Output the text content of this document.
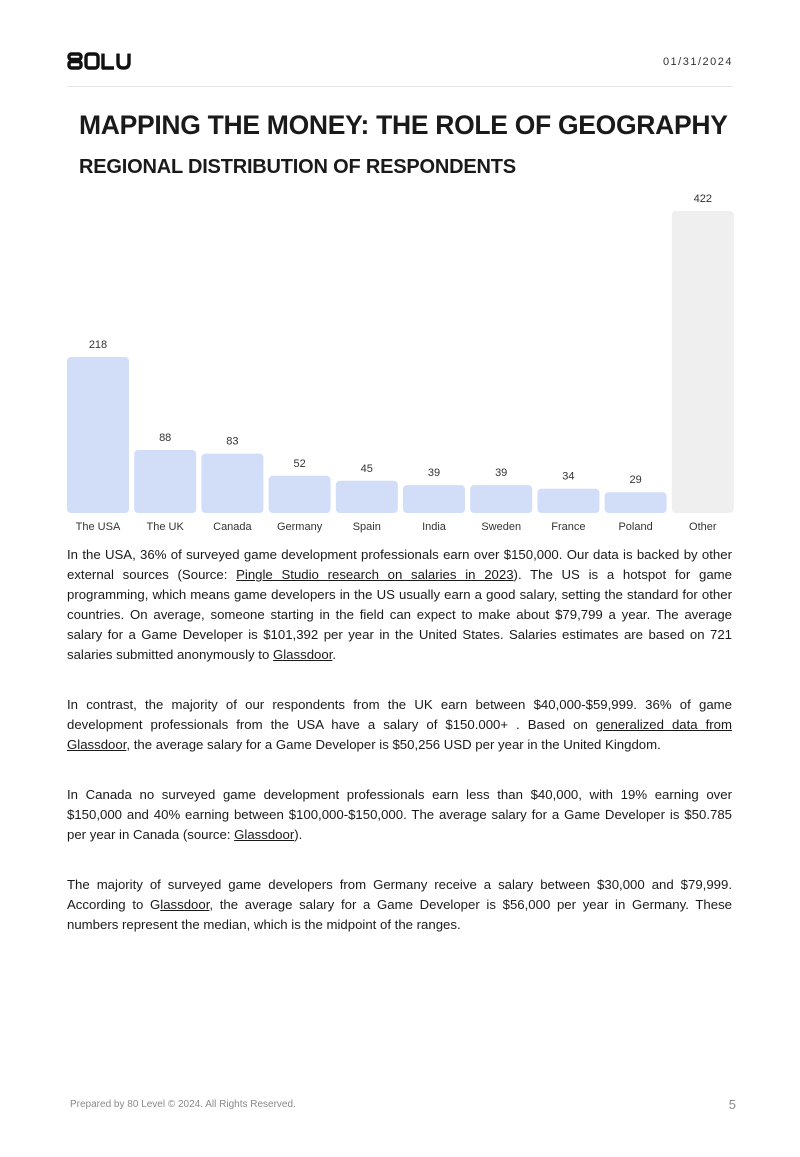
01/31/2024
MAPPING THE MONEY: THE ROLE OF GEOGRAPHY
REGIONAL DISTRIBUTION OF RESPONDENTS
218
The USA
88
The UK
83
Canada
52
Germany
45
Spain
39
India
39
Sweden
34
France
29
Poland
422
Other

In the USA, 36% of surveyed game development professionals earn over $150,000. Our data is backed by other external sources (Source: Pingle Studio research on salaries in 2023). The US is a hotspot for game programming, which means game developers in the US usually earn a good salary, setting the standard for other countries. On average, someone starting in the field can expect to make about $79,799 a year. The average salary for a Game Developer is $101,392 per year in the United States. Salaries estimates are based on 721 salaries submitted anonymously to Glassdoor.

In contrast, the majority of our respondents from the UK earn between $40,000-$59,999. 36% of game development professionals from the USA have a salary of $150.000+ . Based on generalized data from Glassdoor, the average salary for a Game Developer is $50,256 USD per year in the United Kingdom.

In Canada no surveyed game development professionals earn less than $40,000, with 19% earning over $150,000 and 40% earning between $100,000-$150,000. The average salary for a Game Developer is $50.785 per year in Canada (source: Glassdoor).

The majority of surveyed game developers from Germany receive a salary between $30,000 and $79,999. According to Glassdoor, the average salary for a Game Developer is $56,000 per year in Germany. These numbers represent the median, which is the midpoint of the ranges.

Prepared by 80 Level © 2024. All Rights Reserved.	5
